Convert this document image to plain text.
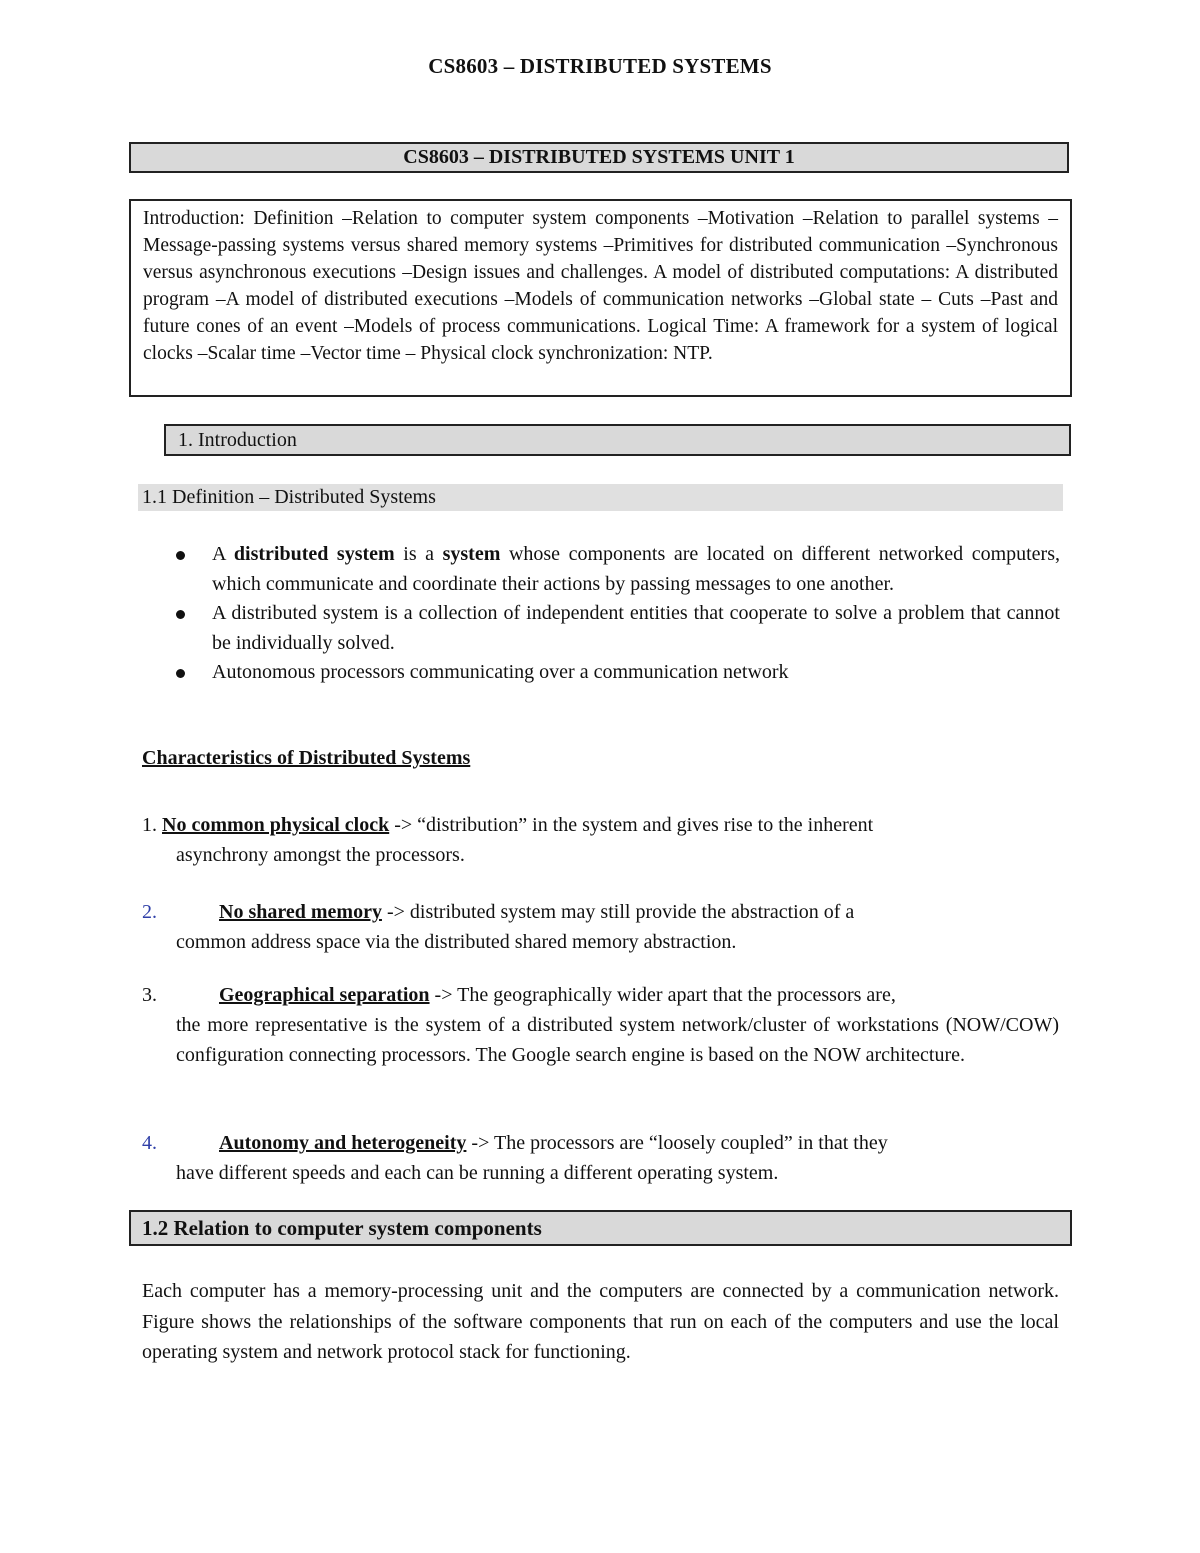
CS8603 – DISTRIBUTED SYSTEMS
CS8603 – DISTRIBUTED SYSTEMS UNIT 1
Introduction: Definition –Relation to computer system components –Motivation –Relation to parallel systems – Message-passing systems versus shared memory systems –Primitives for distributed communication –Synchronous versus asynchronous executions –Design issues and challenges. A model of distributed computations: A distributed program –A model of distributed executions –Models of communication networks –Global state – Cuts –Past and future cones of an event –Models of process communications. Logical Time: A framework for a system of logical clocks –Scalar time –Vector time – Physical clock synchronization: NTP.
1. Introduction
1.1 Definition – Distributed Systems

A distributed system is a system whose components are located on different networked computers, which communicate and coordinate their actions by passing messages to one another.

A distributed system is a collection of independent entities that cooperate to solve a problem that cannot be individually solved.

Autonomous processors communicating over a communication network

Characteristics of Distributed Systems
1. No common physical clock -> “distribution” in the system and gives rise to the inherent
asynchrony amongst the processors.
2.	No shared memory -> distributed system may still provide the abstraction of a
common address space via the distributed shared memory abstraction.
3.	Geographical separation -> The geographically wider apart that the processors are,
the more representative is the system of a distributed system network/cluster of workstations (NOW/COW) configuration connecting processors. The Google search engine is based on the NOW architecture.
4.	Autonomy and heterogeneity -> The processors are “loosely coupled” in that they
have different speeds and each can be running a different operating system.
1.2 Relation to computer system components
Each computer has a memory-processing unit and the computers are connected by a communication network. Figure shows the relationships of the software components that run on each of the computers and use the local operating system and network protocol stack for functioning.
